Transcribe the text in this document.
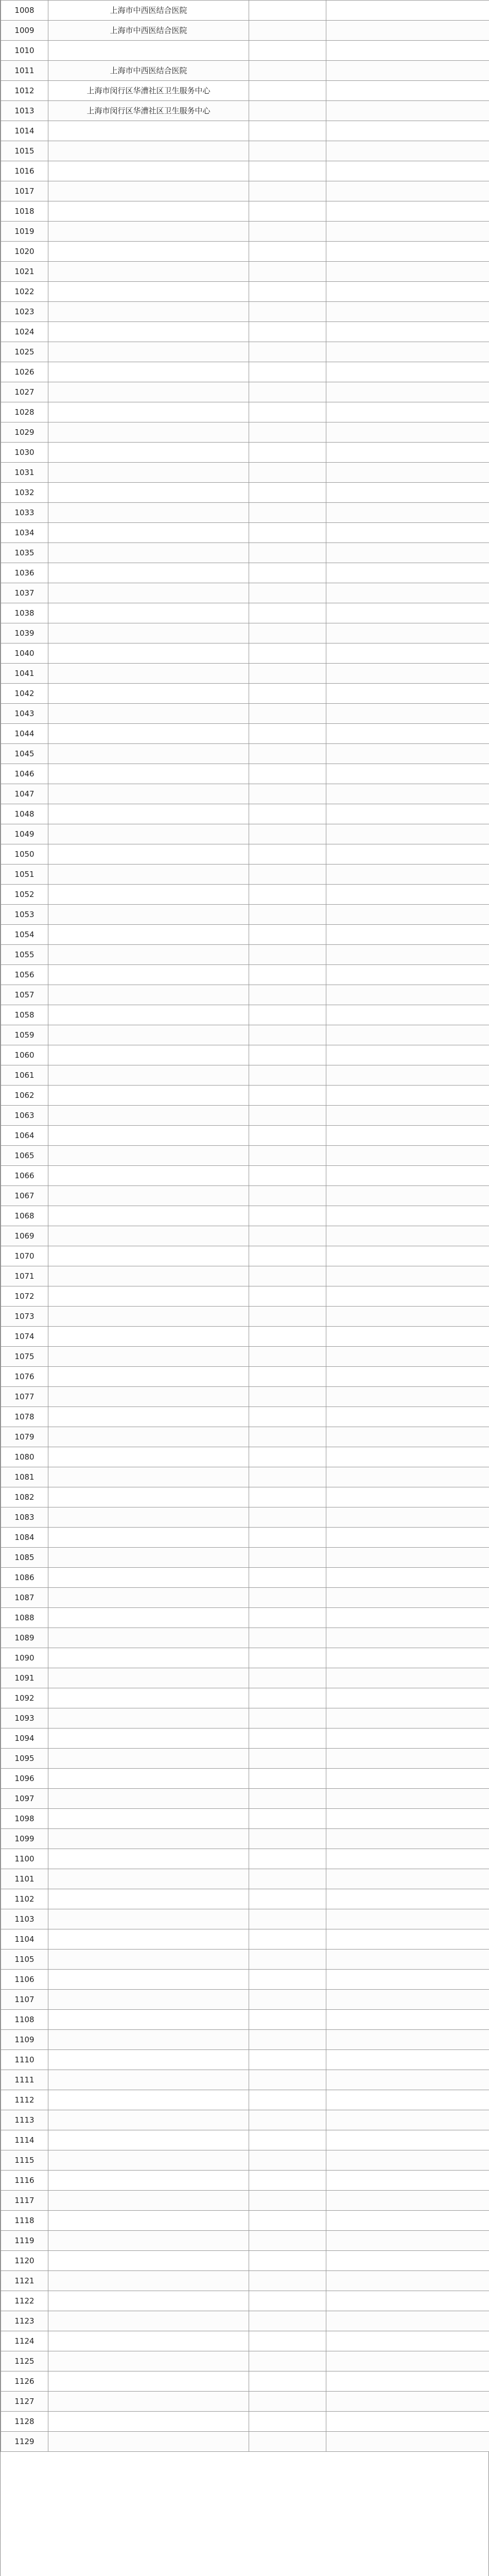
1008	上海市中西医结合医院		
1009	上海市中西医结合医院		
1010			
1011	上海市中西医结合医院		
1012	上海市闵行区华漕社区卫生服务中心		
1013	上海市闵行区华漕社区卫生服务中心		
1014			
1015			
1016			
1017			
1018			
1019			
1020			
1021			
1022			
1023			
1024			
1025			
1026			
1027			
1028			
1029			
1030			
1031			
1032			
1033			
1034			
1035			
1036			
1037			
1038			
1039			
1040			
1041			
1042			
1043			
1044			
1045			
1046			
1047			
1048			
1049			
1050			
1051			
1052			
1053			
1054			
1055			
1056			
1057			
1058			
1059			
1060			
1061			
1062			
1063			
1064			
1065			
1066			
1067			
1068			
1069			
1070			
1071			
1072			
1073			
1074			
1075			
1076			
1077			
1078			
1079			
1080			
1081			
1082			
1083			
1084			
1085			
1086			
1087			
1088			
1089			
1090			
1091			
1092			
1093			
1094			
1095			
1096			
1097			
1098			
1099			
1100			
1101			
1102			
1103			
1104			
1105			
1106			
1107			
1108			
1109			
1110			
1111			
1112			
1113			
1114			
1115			
1116			
1117			
1118			
1119			
1120			
1121			
1122			
1123			
1124			
1125			
1126			
1127			
1128			
1129			
